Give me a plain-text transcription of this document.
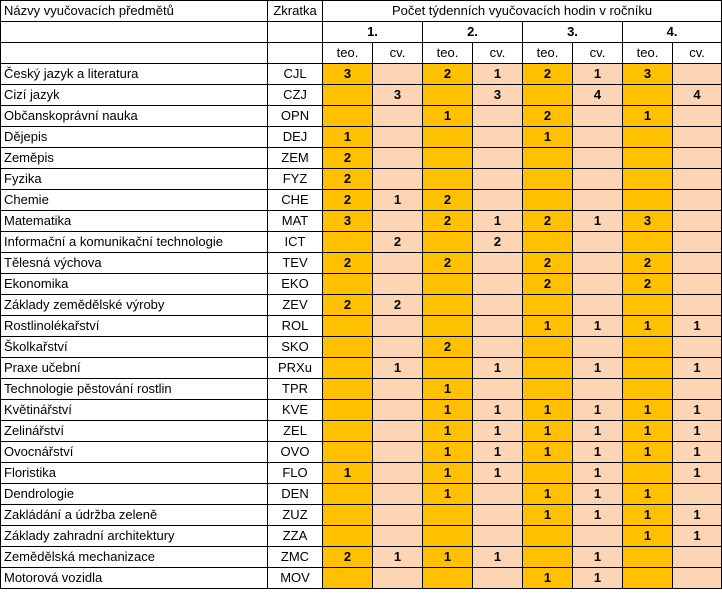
Názvy vyučovacích předmětů	Zkratka	Počet týdenních vyučovacích hodin v ročníku							
		1.		2.		3.		4.	
		teo.	cv.	teo.	cv.	teo.	cv.	teo.	cv.
Český jazyk a literatura	CJL	3		2	1	2	1	3	
Cizí jazyk	CZJ		3		3		4		4
Občanskoprávní nauka	OPN			1		2		1	
Dějepis	DEJ	1				1			
Zeměpis	ZEM	2							
Fyzika	FYZ	2							
Chemie	CHE	2	1	2					
Matematika	MAT	3		2	1	2	1	3	
Informační a komunikační technologie	ICT		2		2				
Tělesná výchova	TEV	2		2		2		2	
Ekonomika	EKO					2		2	
Základy zemědělské výroby	ZEV	2	2						
Rostlinolékařství	ROL					1	1	1	1
Školkařství	SKO			2					
Praxe učební	PRXu		1		1		1		1
Technologie pěstování rostlin	TPR			1					
Květinářství	KVE			1	1	1	1	1	1
Zelinářství	ZEL			1	1	1	1	1	1
Ovocnářství	OVO			1	1	1	1	1	1
Floristika	FLO	1		1	1		1		1
Dendrologie	DEN			1		1	1	1	
Zakládání a údržba zeleně	ZUZ					1	1	1	1
Základy zahradní architektury	ZZA							1	1
Zemědělská mechanizace	ZMC	2	1	1	1		1		
Motorová vozidla	MOV					1	1		
